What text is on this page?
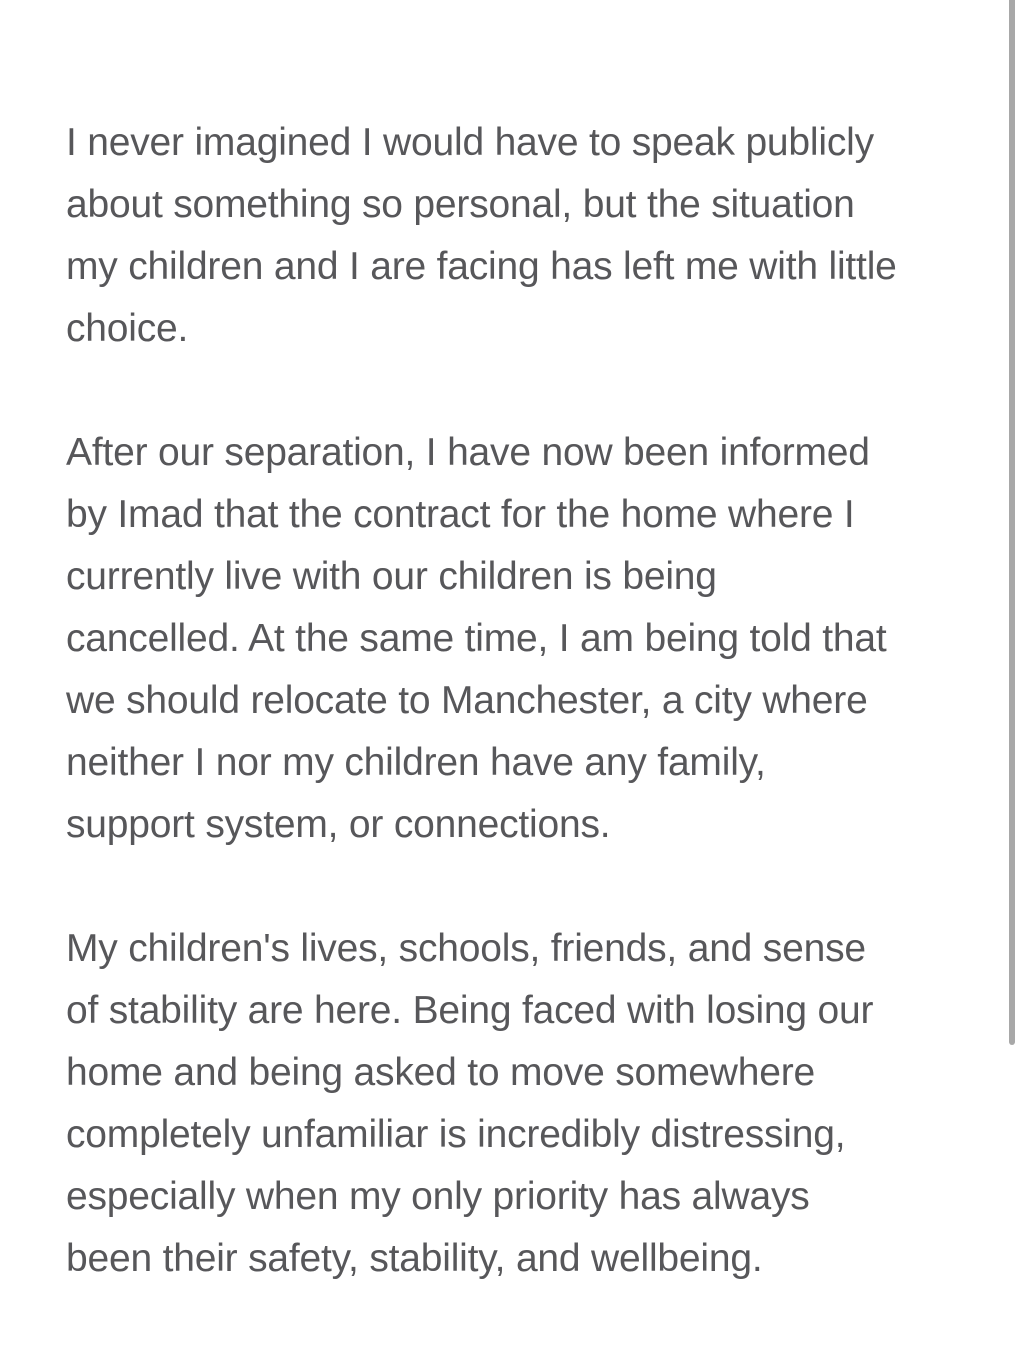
I never imagined I would have to speak publicly
about something so personal, but the situation
my children and I are facing has left me with little
choice.

After our separation, I have now been informed
by Imad that the contract for the home where I
currently live with our children is being
cancelled. At the same time, I am being told that
we should relocate to Manchester, a city where
neither I nor my children have any family,
support system, or connections.

My children's lives, schools, friends, and sense
of stability are here. Being faced with losing our
home and being asked to move somewhere
completely unfamiliar is incredibly distressing,
especially when my only priority has always
been their safety, stability, and wellbeing.
